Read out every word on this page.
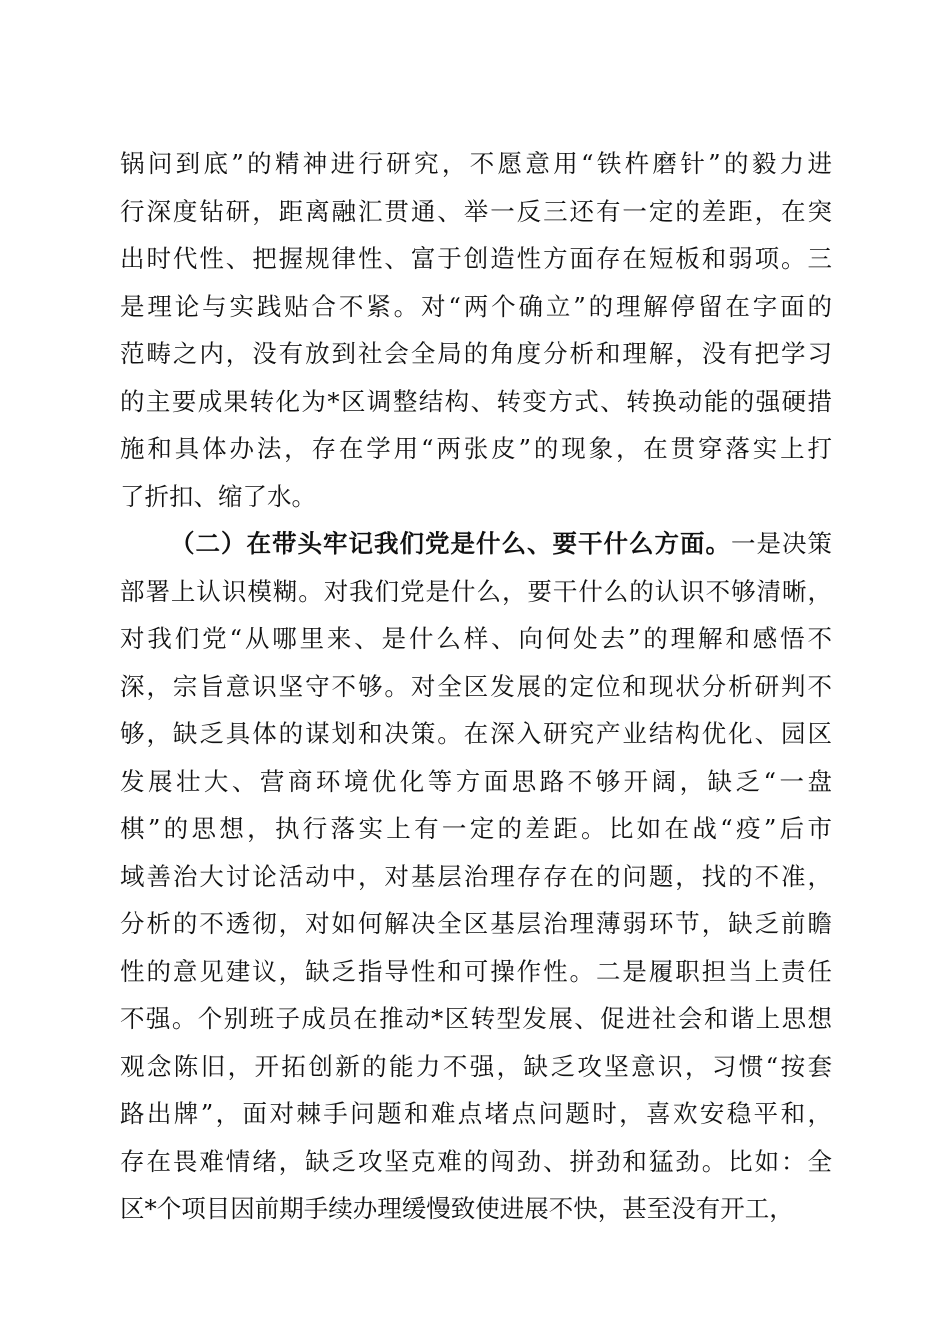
锅问到底”的精神进行研究，不愿意用“铁杵磨针”的毅力进
行深度钻研，距离融汇贯通、举一反三还有一定的差距，在突
出时代性、把握规律性、富于创造性方面存在短板和弱项。三
是理论与实践贴合不紧。对“两个确立”的理解停留在字面的
范畴之内，没有放到社会全局的角度分析和理解，没有把学习
的主要成果转化为*区调整结构、转变方式、转换动能的强硬措
施和具体办法，存在学用“两张皮”的现象，在贯穿落实上打
了折扣、缩了水。
（二）在带头牢记我们党是什么、要干什么方面。一是决策
部署上认识模糊。对我们党是什么，要干什么的认识不够清晰，
对我们党“从哪里来、是什么样、向何处去”的理解和感悟不
深，宗旨意识坚守不够。对全区发展的定位和现状分析研判不
够，缺乏具体的谋划和决策。在深入研究产业结构优化、园区
发展壮大、营商环境优化等方面思路不够开阔，缺乏“一盘
棋”的思想，执行落实上有一定的差距。比如在战“疫”后市
域善治大讨论活动中，对基层治理存存在的问题，找的不准，
分析的不透彻，对如何解决全区基层治理薄弱环节，缺乏前瞻
性的意见建议，缺乏指导性和可操作性。二是履职担当上责任
不强。个别班子成员在推动*区转型发展、促进社会和谐上思想
观念陈旧，开拓创新的能力不强，缺乏攻坚意识，习惯“按套
路出牌”，面对棘手问题和难点堵点问题时，喜欢安稳平和，
存在畏难情绪，缺乏攻坚克难的闯劲、拼劲和猛劲。比如：全
区*个项目因前期手续办理缓慢致使进展不快，甚至没有开工，
